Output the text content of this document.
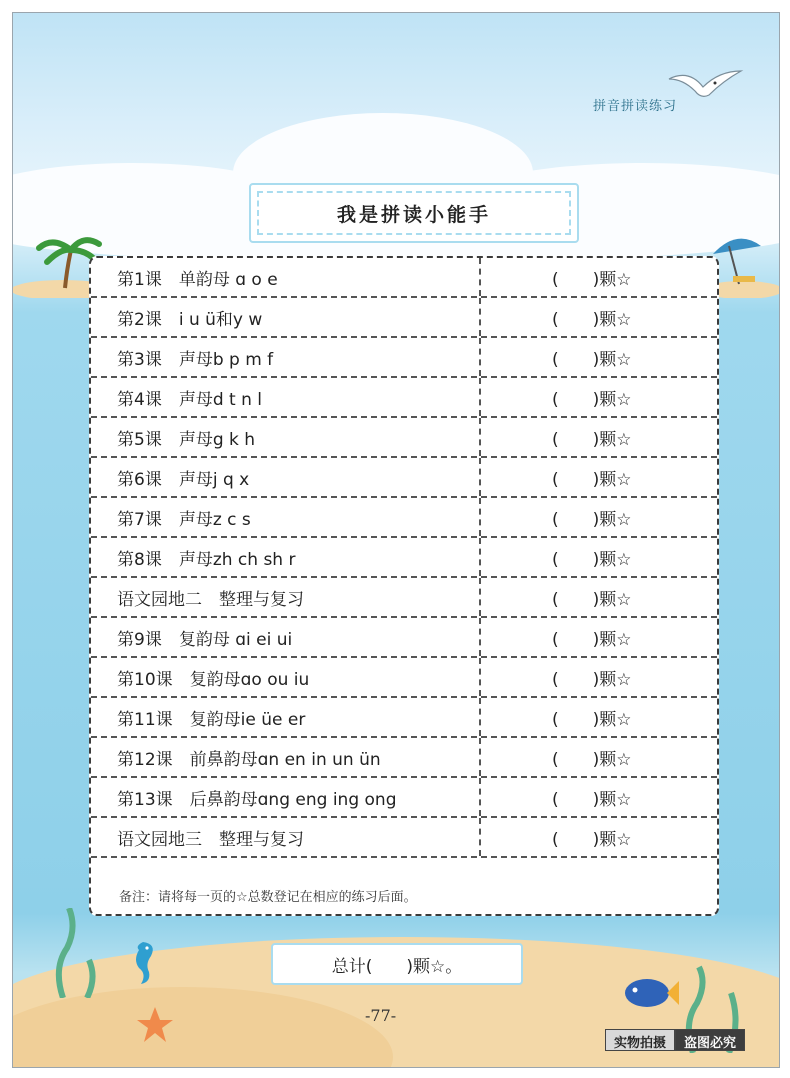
拼音拼读练习
我是拼读小能手
第1课　单韵母 ɑ o e	(　　)颗☆
第2课　i u ü和y w	(　　)颗☆
第3课　声母b p m f	(　　)颗☆
第4课　声母d t n l	(　　)颗☆
第5课　声母g k h	(　　)颗☆
第6课　声母j q x	(　　)颗☆
第7课　声母z c s	(　　)颗☆
第8课　声母zh ch sh r	(　　)颗☆
语文园地二　整理与复习	(　　)颗☆
第9课　复韵母 ɑi ei ui	(　　)颗☆
第10课　复韵母ɑo ou iu	(　　)颗☆
第11课　复韵母ie üe er	(　　)颗☆
第12课　前鼻韵母ɑn en in un ün	(　　)颗☆
第13课　后鼻韵母ɑng eng ing ong	(　　)颗☆
语文园地三　整理与复习	(　　)颗☆
备注：请将每一页的☆总数登记在相应的练习后面。
总计(　　)颗☆。
-77-
实物拍摄	盗图必究
